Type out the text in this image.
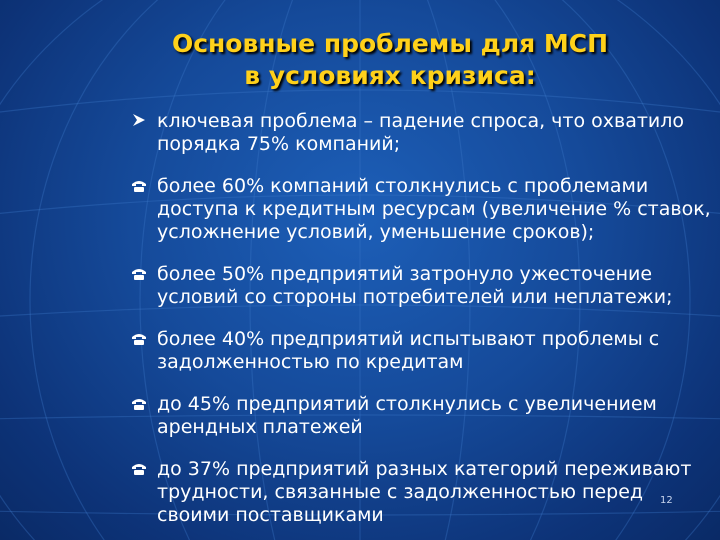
Основные проблемы для МСП
в условиях кризиса:
ключевая проблема – падение спроса, что охватило порядка 75% компаний;
более 60% компаний столкнулись с проблемами доступа к кредитным ресурсам (увеличение % ставок, усложнение условий, уменьшение сроков);
более 50% предприятий затронуло ужесточение условий со стороны потребителей или неплатежи;
более 40% предприятий испытывают проблемы с задолженностью по кредитам
до 45% предприятий столкнулись с увеличением арендных платежей
до 37% предприятий разных категорий переживают трудности, связанные с задолженностью перед своими поставщиками
12
